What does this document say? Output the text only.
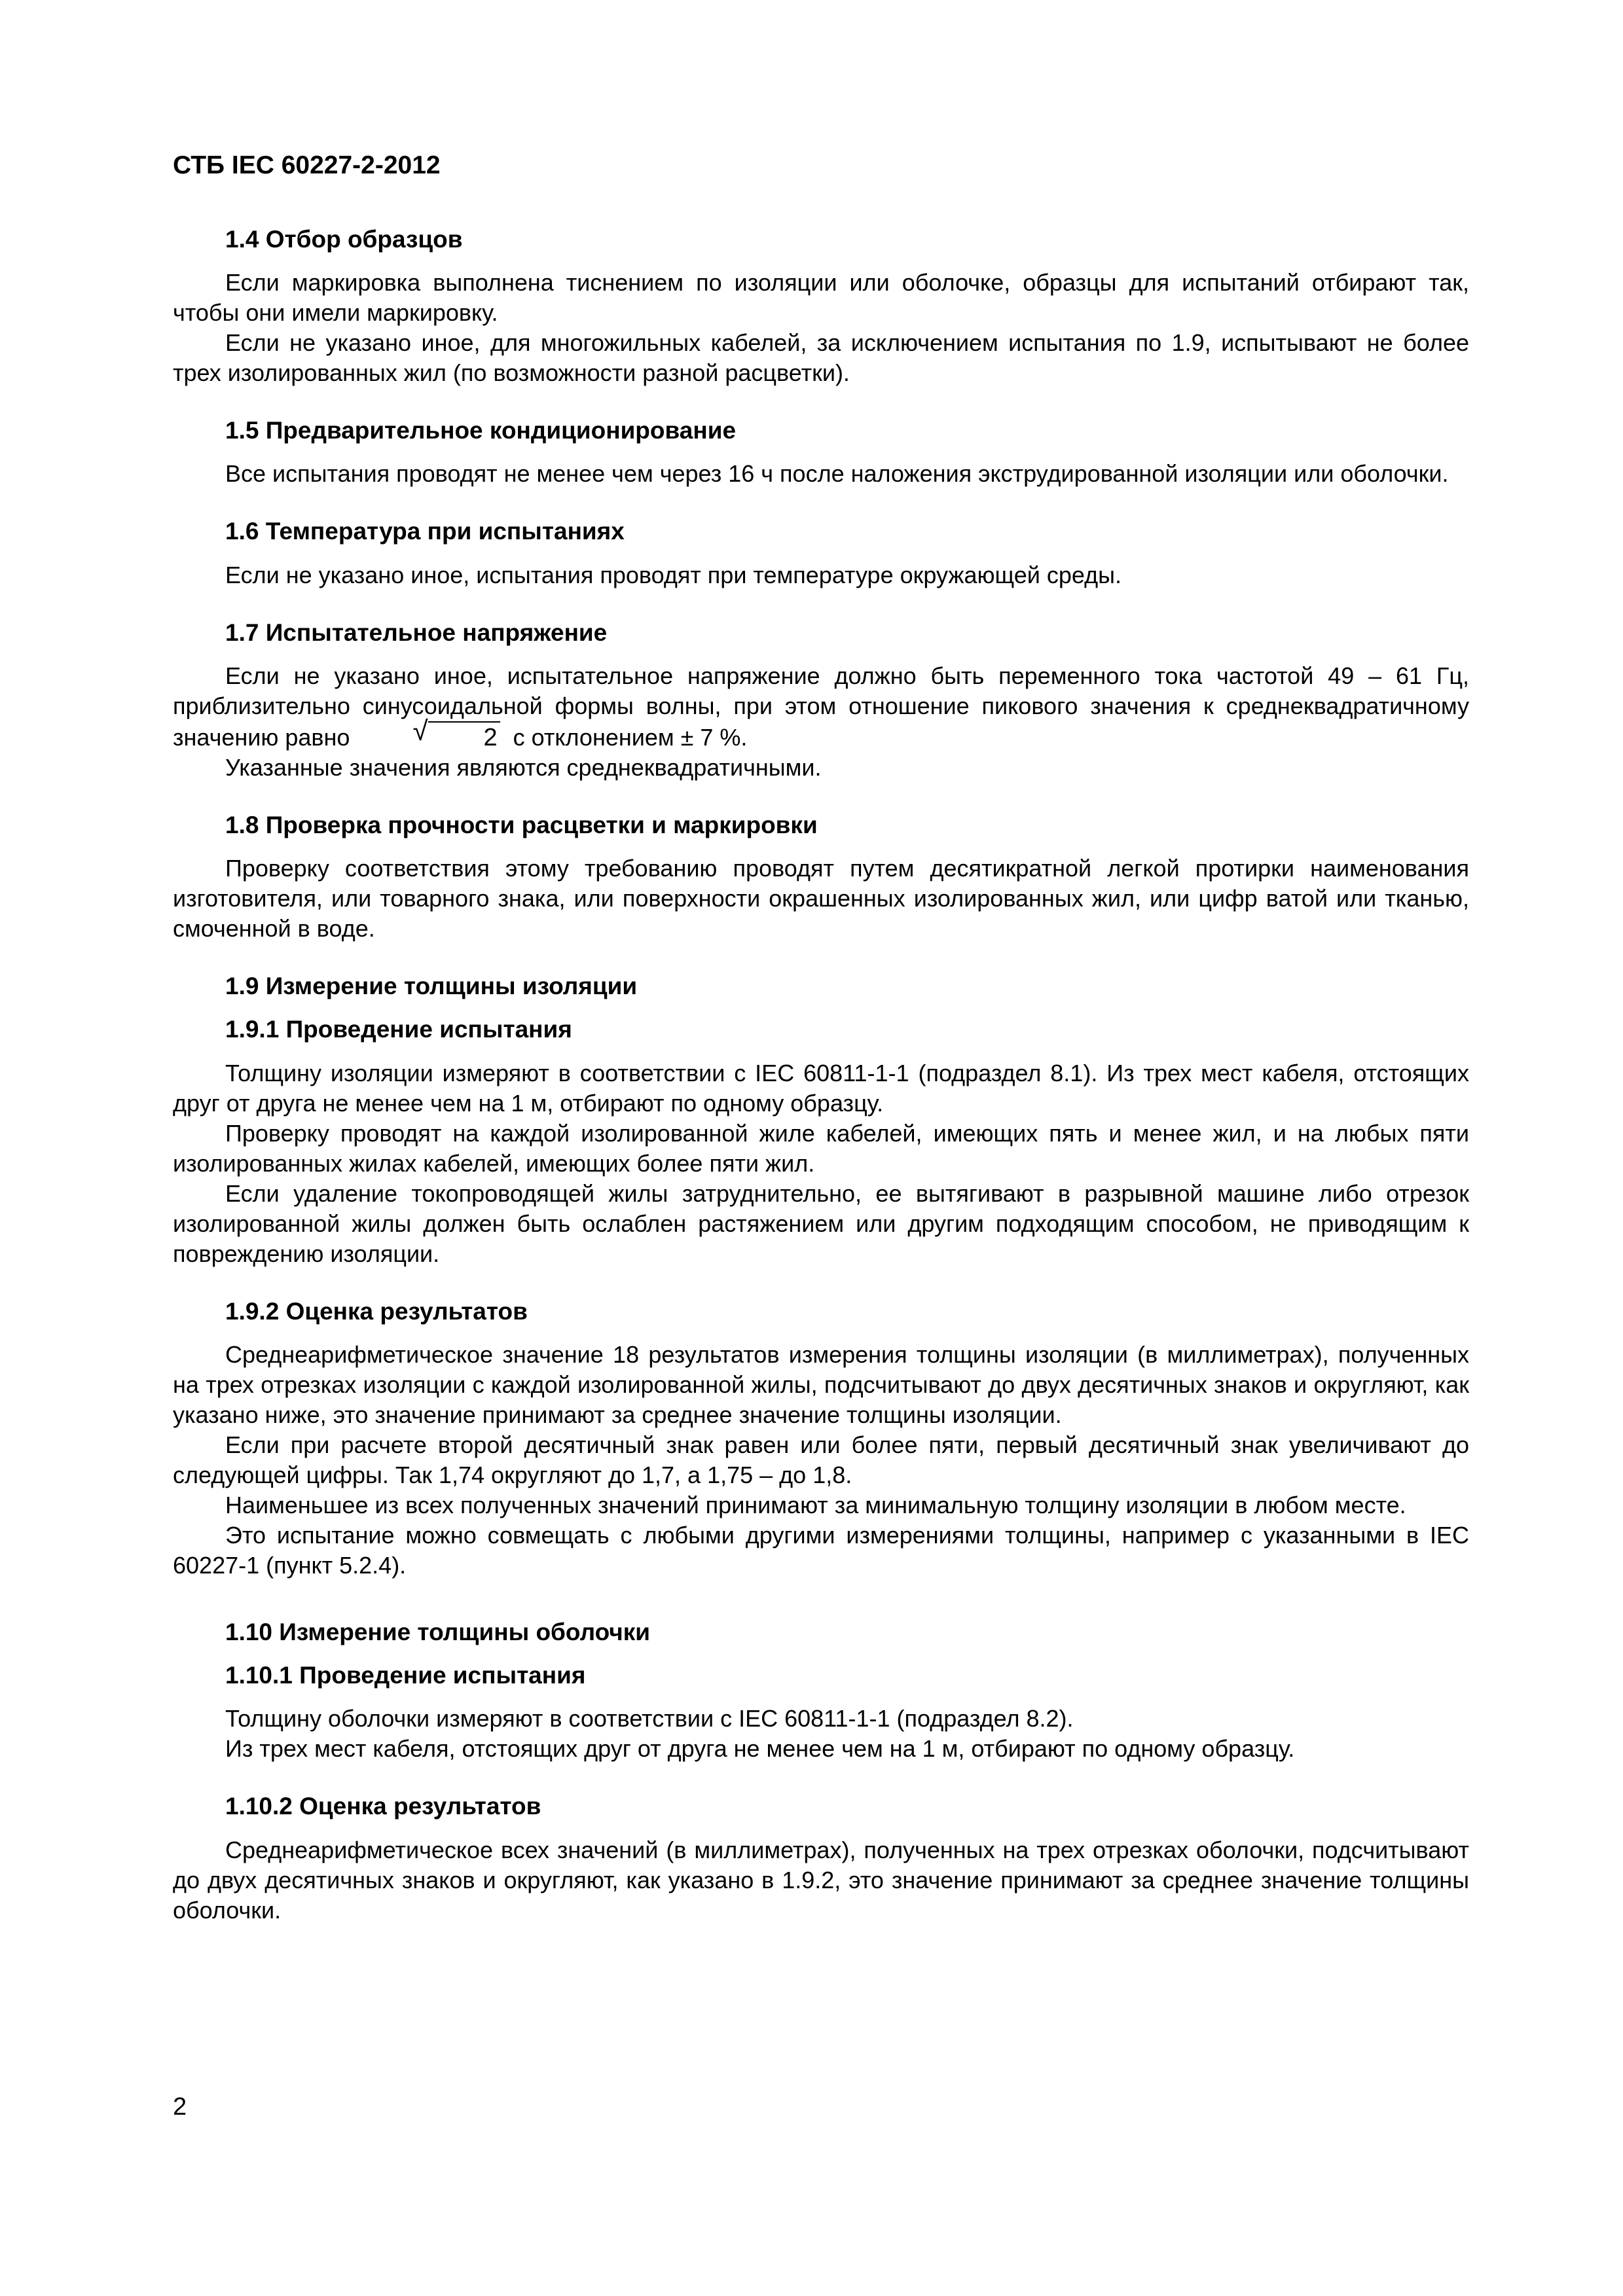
СТБ IEC 60227-2-2012
1.4 Отбор образцов

Если маркировка выполнена тиснением по изоляции или оболочке, образцы для испытаний отбирают так, чтобы они имели маркировку.

Если не указано иное, для многожильных кабелей, за исключением испытания по 1.9, испытывают не более трех изолированных жил (по возможности разной расцветки).

1.5 Предварительное кондиционирование

Все испытания проводят не менее чем через 16 ч после наложения экструдированной изоляции или оболочки.

1.6 Температура при испытаниях

Если не указано иное, испытания проводят при температуре окружающей среды.

1.7 Испытательное напряжение

Если не указано иное, испытательное напряжение должно быть переменного тока частотой 49 – 61 Гц, приблизительно синусоидальной формы волны, при этом отношение пикового значения к среднеквадратичному значению равно	√ 2 с отклонением ± 7 %.

Указанные значения являются среднеквадратичными.

1.8 Проверка прочности расцветки и маркировки

Проверку соответствия этому требованию проводят путем десятикратной легкой протирки наименования изготовителя, или товарного знака, или поверхности окрашенных изолированных жил, или цифр ватой или тканью, смоченной в воде.

1.9 Измерение толщины изоляции
1.9.1 Проведение испытания

Толщину изоляции измеряют в соответствии с IEC 60811-1-1 (подраздел 8.1). Из трех мест кабеля, отстоящих друг от друга не менее чем на 1 м, отбирают по одному образцу.

Проверку проводят на каждой изолированной жиле кабелей, имеющих пять и менее жил, и на любых пяти изолированных жилах кабелей, имеющих более пяти жил.

Если удаление токопроводящей жилы затруднительно, ее вытягивают в разрывной машине либо отрезок изолированной жилы должен быть ослаблен растяжением или другим подходящим способом, не приводящим к повреждению изоляции.

1.9.2 Оценка результатов

Среднеарифметическое значение 18 результатов измерения толщины изоляции (в миллиметрах), полученных на трех отрезках изоляции с каждой изолированной жилы, подсчитывают до двух десятичных знаков и округляют, как указано ниже, это значение принимают за среднее значение толщины изоляции.

Если при расчете второй десятичный знак равен или более пяти, первый десятичный знак увеличивают до следующей цифры. Так 1,74 округляют до 1,7, а 1,75 – до 1,8.

Наименьшее из всех полученных значений принимают за минимальную толщину изоляции в любом месте.

Это испытание можно совмещать с любыми другими измерениями толщины, например с указанными в IEC 60227-1 (пункт 5.2.4).

1.10 Измерение толщины оболочки
1.10.1 Проведение испытания

Толщину оболочки измеряют в соответствии с IEC 60811-1-1 (подраздел 8.2).

Из трех мест кабеля, отстоящих друг от друга не менее чем на 1 м, отбирают по одному образцу.

1.10.2 Оценка результатов

Среднеарифметическое всех значений (в миллиметрах), полученных на трех отрезках оболочки, подсчитывают до двух десятичных знаков и округляют, как указано в 1.9.2, это значение принимают за среднее значение толщины оболочки.

2
